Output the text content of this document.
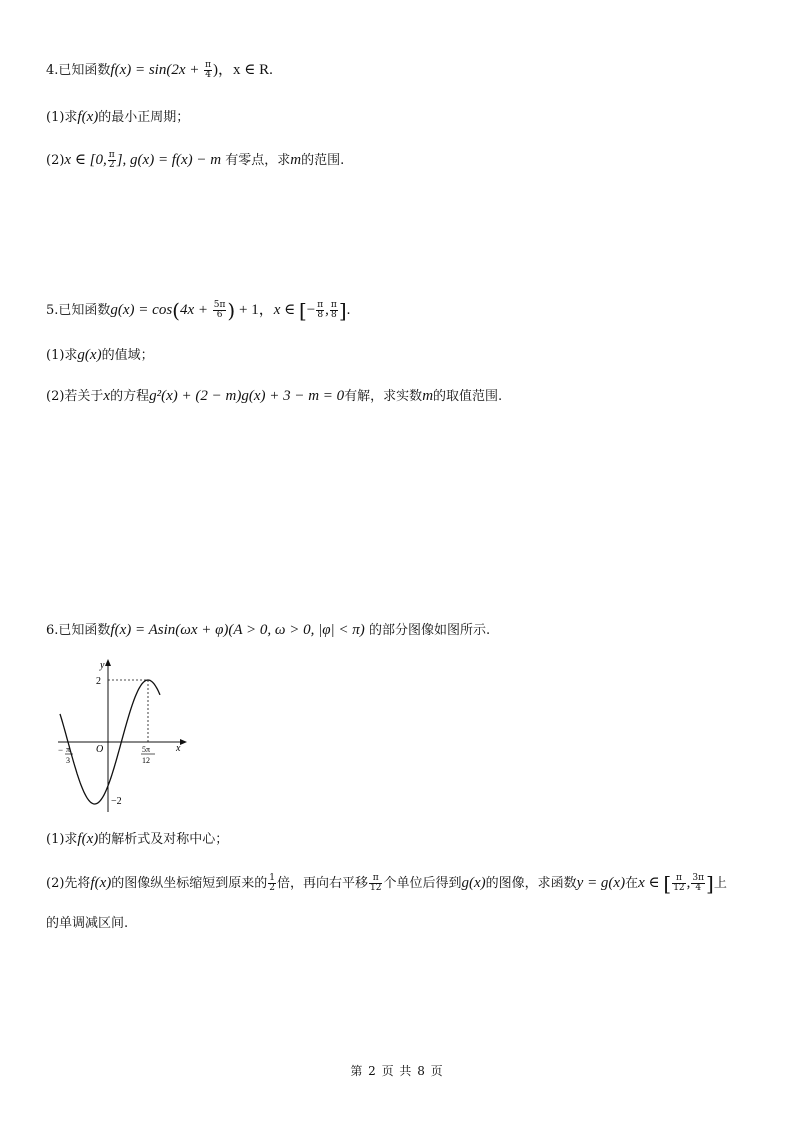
4.已知函数$f(x) = \sin(2x + \frac{\pi}{4}$ )，x ∈ R.
(1)求f(x)的最小正周期；
(2)x ∈ [0, $\frac{\pi}{2}$ ], g(x) = f(x) − m 有零点，求m的范围.
5.已知函数$g(x) = \cos(4x + \frac{5\pi}{6}$ ) + 1，x ∈ [− $\frac{\pi}{8}$ , $\frac{\pi}{8}$ ].
(1)求g(x)的值域；
(2)若关于x的方程g²(x) + (2 − m)g(x) + 3 − m = 0有解，求实数m的取值范围.
6.已知函数f(x) = Asin(ωx + φ)(A > 0, ω > 0, |φ| < π) 的部分图像如图所示.
y
x
O
2
−2
− π
3
5π
12
(1)求f(x)的解析式及对称中心；
(2)先将f(x)的图像纵坐标缩短到原来的 $\frac{1}{2}$ 倍，再向右平移 $\frac{\pi}{12}$ 个单位后得到g(x)的图像，求函数y = g(x)在x ∈ [ $\frac{\pi}{12}$ , $\frac{3\pi}{4}$ ]上
的单调减区间.
第 2 页 共 8 页
